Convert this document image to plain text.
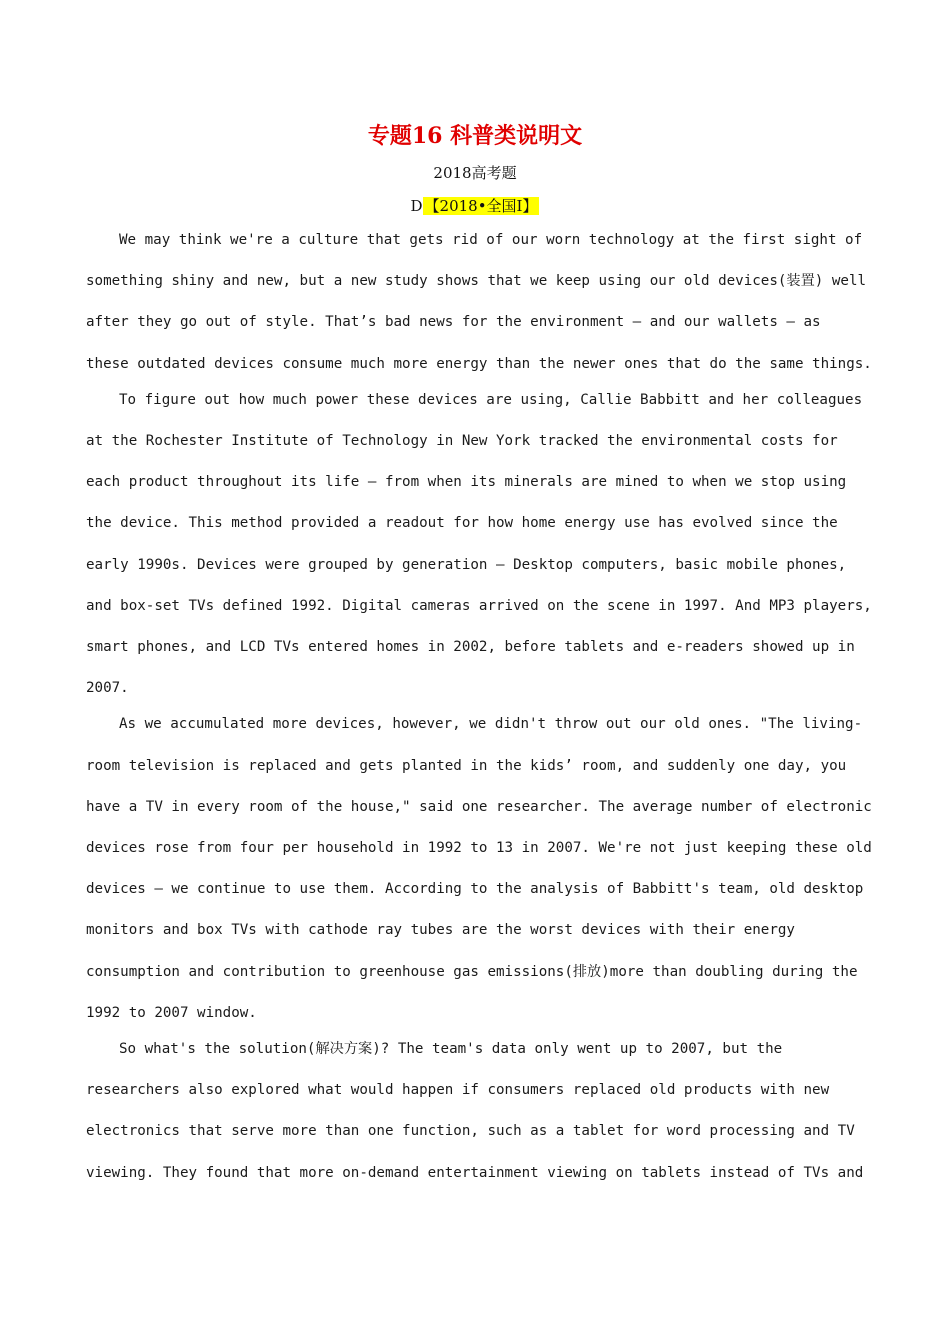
专题16 科普类说明文
2018高考题
D 【2018•全国Ⅰ】
We may think we're a culture that gets rid of our worn technology at the first sight of
something shiny and new, but a new study shows that we keep using our old devices(装置) well
after they go out of style. That’s bad news for the environment — and our wallets — as
these outdated devices consume much more energy than the newer ones that do the same things.
To figure out how much power these devices are using, Callie Babbitt and her colleagues
at the Rochester Institute of Technology in New York tracked the environmental costs for
each product throughout its life — from when its minerals are mined to when we stop using
the device. This method provided a readout for how home energy use has evolved since the
early 1990s. Devices were grouped by generation — Desktop computers, basic mobile phones,
and box-set TVs defined 1992. Digital cameras arrived on the scene in 1997. And MP3 players,
smart phones, and LCD TVs entered homes in 2002, before tablets and e-readers showed up in
2007.
As we accumulated more devices, however, we didn't throw out our old ones. "The living-
room television is replaced and gets planted in the kids’ room, and suddenly one day, you
have a TV in every room of the house," said one researcher. The average number of electronic
devices rose from four per household in 1992 to 13 in 2007. We're not just keeping these old
devices — we continue to use them. According to the analysis of Babbitt's team, old desktop
monitors and box TVs with cathode ray tubes are the worst devices with their energy
consumption and contribution to greenhouse gas emissions(排放)more than doubling during the
1992 to 2007 window.
So what's the solution(解决方案)? The team's data only went up to 2007, but the
researchers also explored what would happen if consumers replaced old products with new
electronics that serve more than one function, such as a tablet for word processing and TV
viewing. They found that more on-demand entertainment viewing on tablets instead of TVs and
